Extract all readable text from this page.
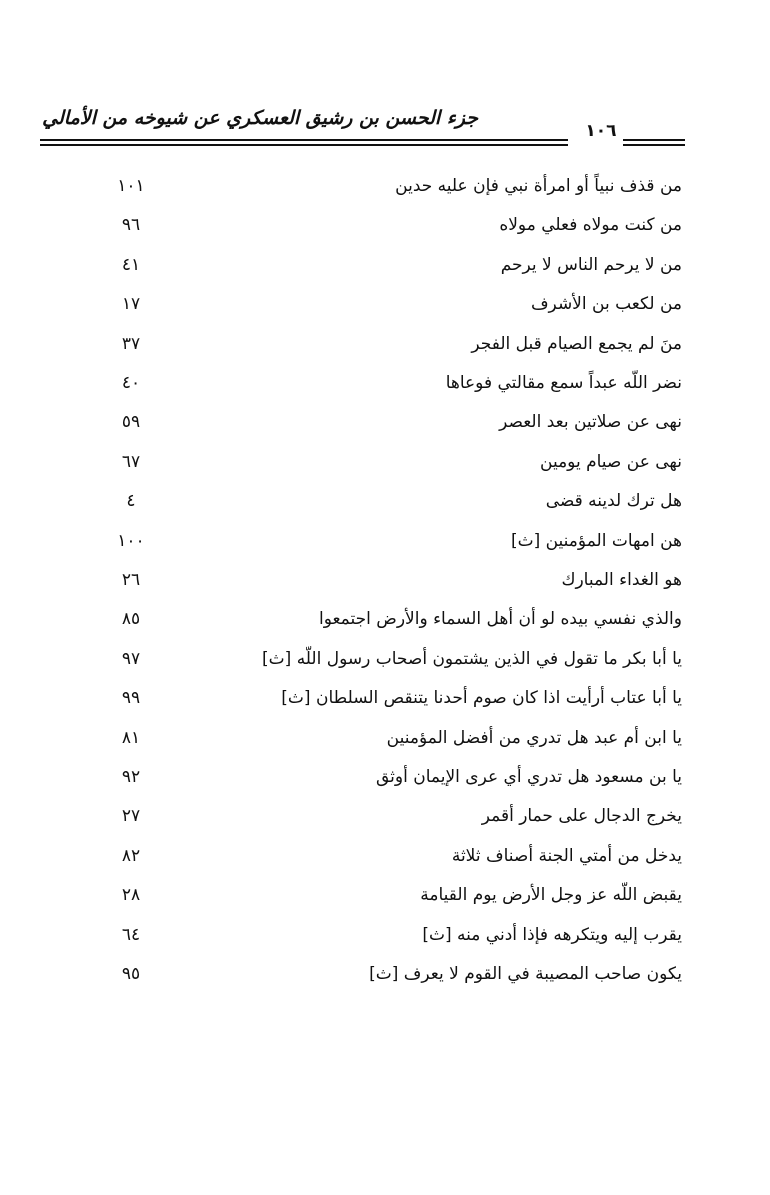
جزء الحسن بن رشيق العسكري عن شيوخه من الأمالي
١٠٦
من قذف نبياً أو امرأة نبي فإن عليه حدين
١٠١
من كنت مولاه فعلي مولاه
٩٦
من لا يرحم الناس لا يرحم
٤١
من لكعب بن الأشرف
١٧
منَ لم يجمع الصيام قبل الفجر
٣٧
نضر اللّه عبداً سمع مقالتي فوعاها
٤٠
نهى عن صلاتين بعد العصر
٥٩
نهى عن صيام يومين
٦٧
هل ترك لدينه قضى
٤
هن امهات المؤمنين [ث]
١٠٠
هو الغداء المبارك
٢٦
والذي نفسي بيده لو أن أهل السماء والأرض اجتمعوا
٨٥
يا أبا بكر ما تقول في الذين يشتمون أصحاب رسول اللّه [ث]
٩٧
يا أبا عتاب أرأيت اذا كان صوم أحدنا يتنقص السلطان [ث]
٩٩
يا ابن أم عبد هل تدري من أفضل المؤمنين
٨١
يا بن مسعود هل تدري أي عرى الإيمان أوثق
٩٢
يخرج الدجال على حمار أقمر
٢٧
يدخل من أمتي الجنة أصناف ثلاثة
٨٢
يقبض اللّه عز وجل الأرض يوم القيامة
٢٨
يقرب إليه ويتكرهه فإذا أدني منه [ث]
٦٤
يكون صاحب المصيبة في القوم لا يعرف [ث]
٩٥
